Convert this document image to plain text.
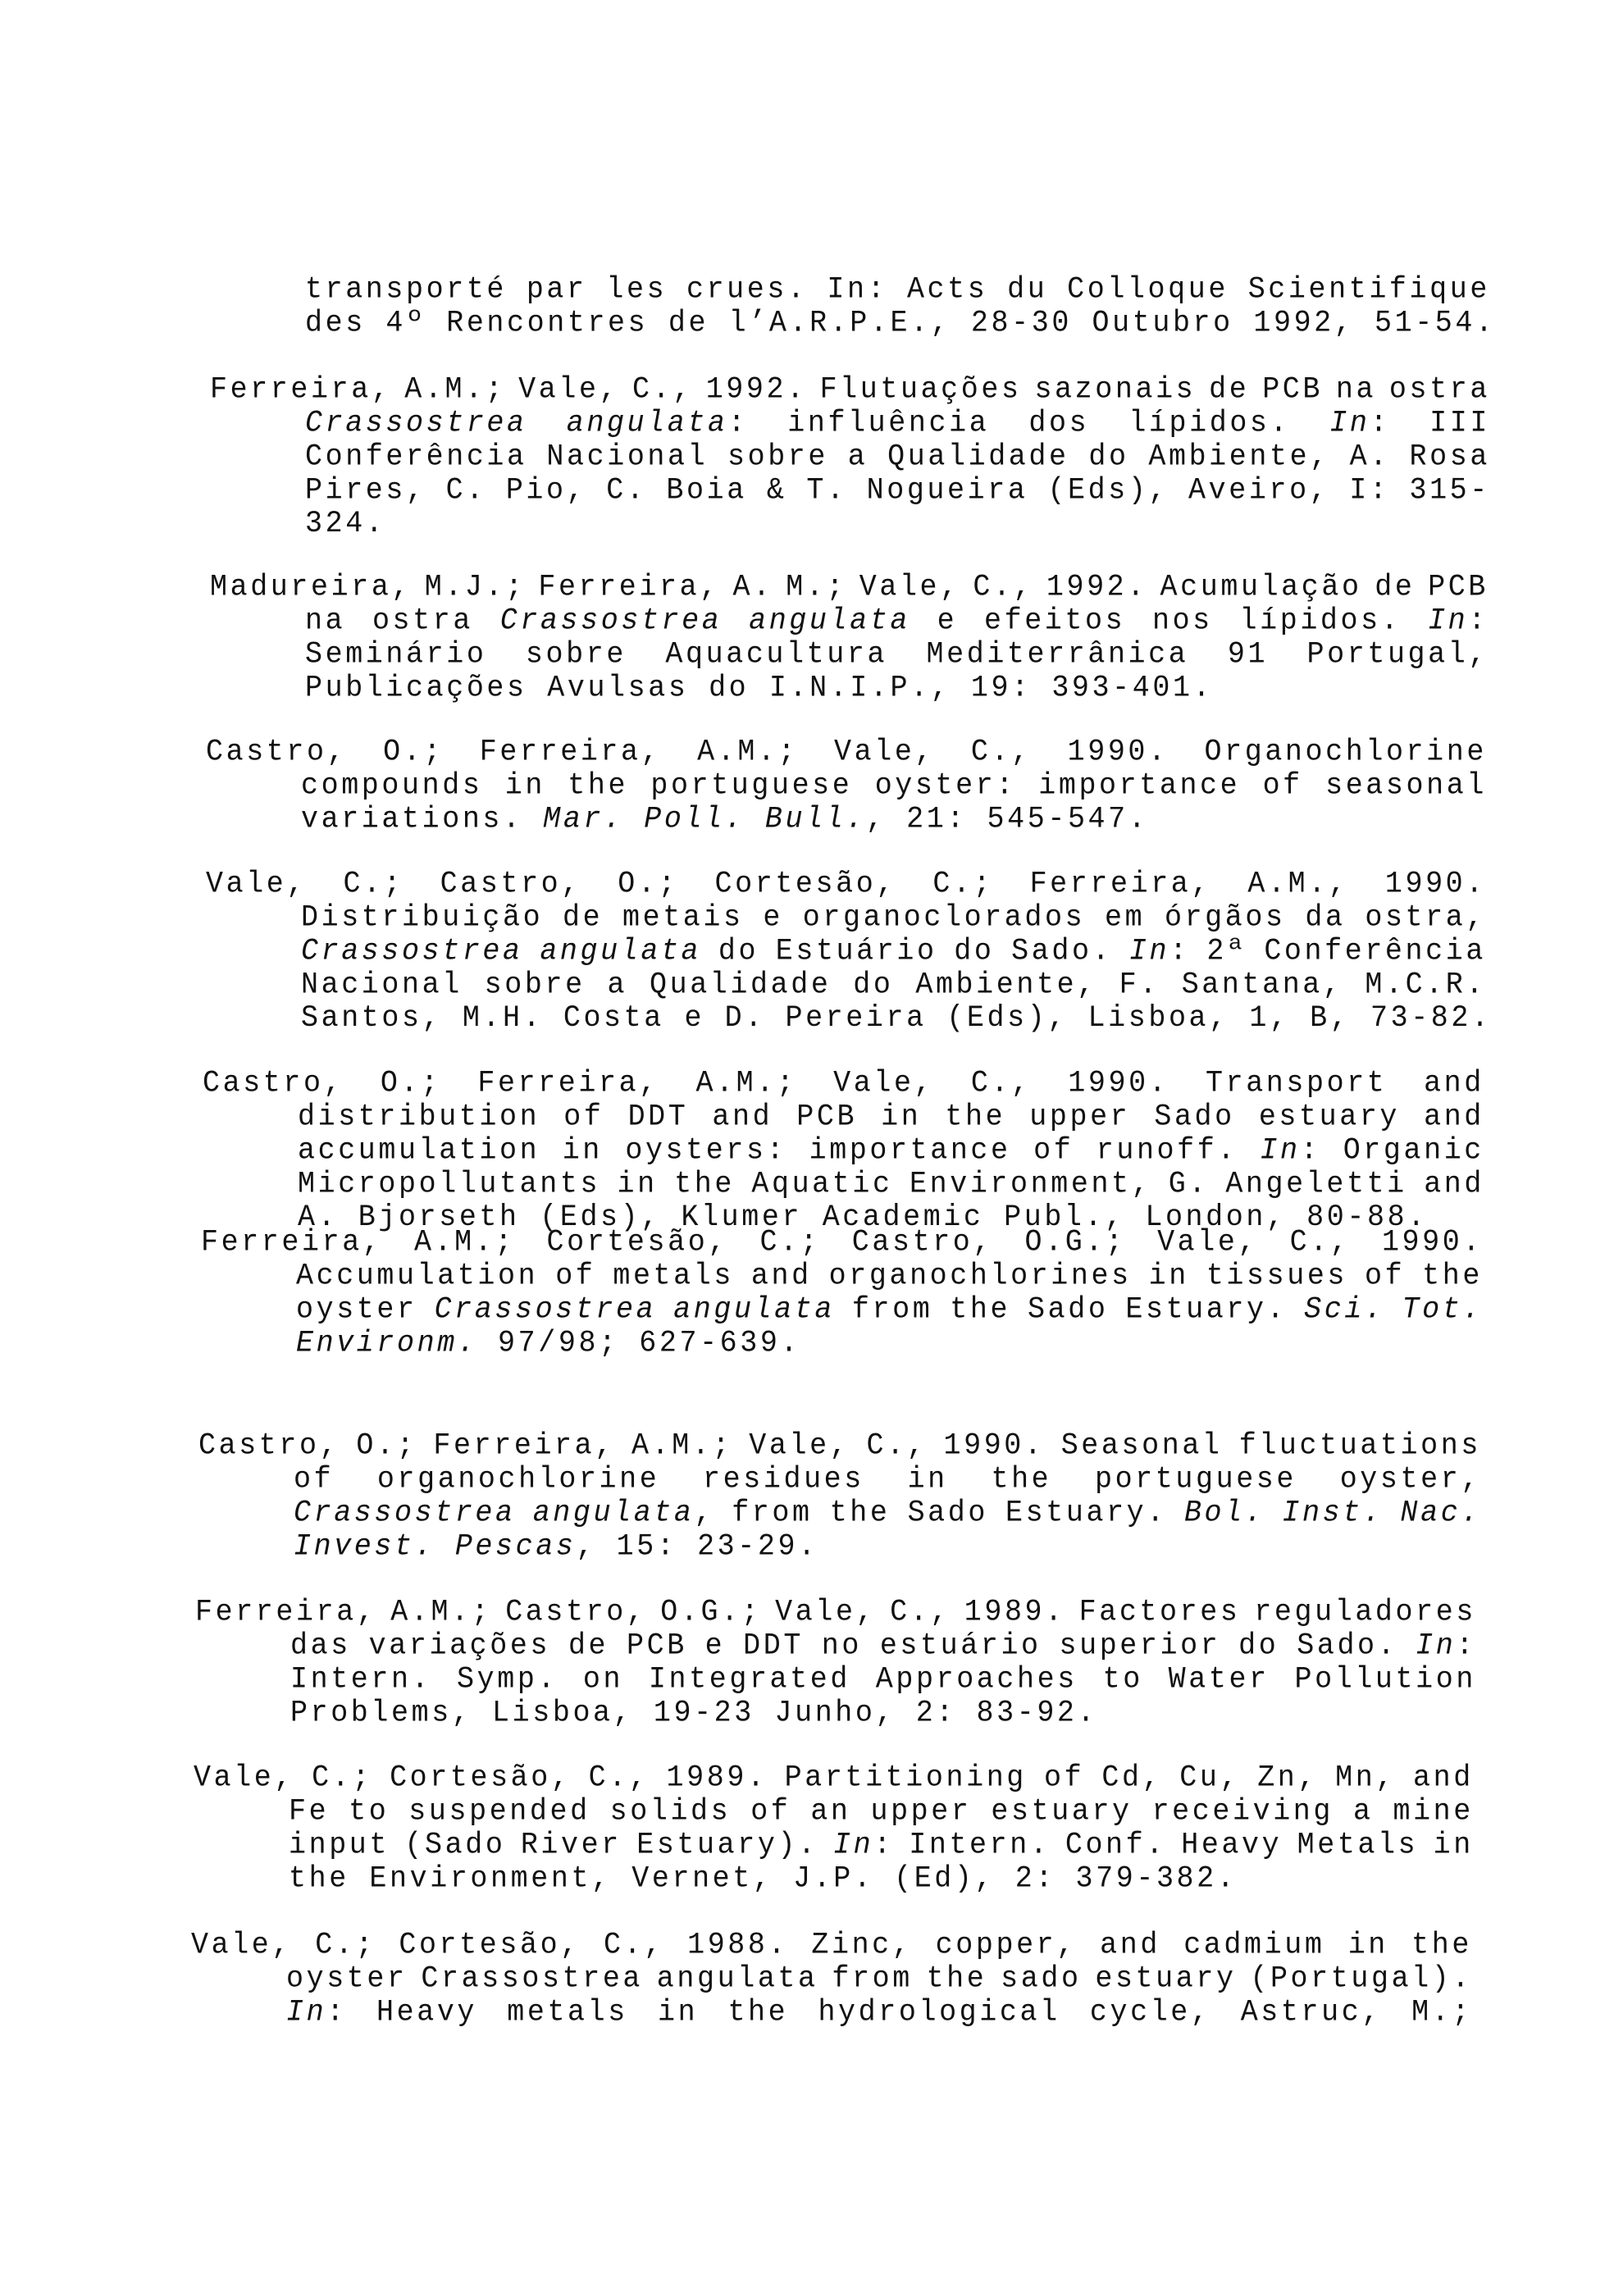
transporté par les crues. In: Acts du Colloque Scientifique
des 4º Rencontres de l’A.R.P.E., 28-30 Outubro 1992, 51-54.
Ferreira, A.M.; Vale, C., 1992. Flutuações sazonais de PCB na ostra
Crassostrea angulata: influência dos lípidos. In: III
Conferência Nacional sobre a Qualidade do Ambiente, A. Rosa
Pires, C. Pio, C. Boia & T. Nogueira (Eds), Aveiro, I: 315-
324.
Madureira, M.J.; Ferreira, A. M.; Vale, C., 1992. Acumulação de PCB
na ostra Crassostrea angulata e efeitos nos lípidos. In:
Seminário sobre Aquacultura Mediterrânica 91 Portugal,
Publicações Avulsas do I.N.I.P., 19: 393-401.
Castro, O.; Ferreira, A.M.; Vale, C., 1990. Organochlorine
compounds in the portuguese oyster: importance of seasonal
variations. Mar. Poll. Bull., 21: 545-547.
Vale, C.; Castro, O.; Cortesão, C.; Ferreira, A.M., 1990.
Distribuição de metais e organoclorados em órgãos da ostra,
Crassostrea angulata do Estuário do Sado. In: 2ª Conferência
Nacional sobre a Qualidade do Ambiente, F. Santana, M.C.R.
Santos, M.H. Costa e D. Pereira (Eds), Lisboa, 1, B, 73-82.
Castro, O.; Ferreira, A.M.; Vale, C., 1990. Transport and
distribution of DDT and PCB in the upper Sado estuary and
accumulation in oysters: importance of runoff. In: Organic
Micropollutants in the Aquatic Environment, G. Angeletti and
A. Bjorseth (Eds), Klumer Academic Publ., London, 80-88.
Ferreira, A.M.; Cortesão, C.; Castro, O.G.; Vale, C., 1990.
Accumulation of metals and organochlorines in tissues of the
oyster Crassostrea angulata from the Sado Estuary. Sci. Tot.
Environm. 97/98; 627-639.
Castro, O.; Ferreira, A.M.; Vale, C., 1990. Seasonal fluctuations
of organochlorine residues in the portuguese oyster,
Crassostrea angulata, from the Sado Estuary. Bol. Inst. Nac.
Invest. Pescas, 15: 23-29.
Ferreira, A.M.; Castro, O.G.; Vale, C., 1989. Factores reguladores
das variações de PCB e DDT no estuário superior do Sado. In:
Intern. Symp. on Integrated Approaches to Water Pollution
Problems, Lisboa, 19-23 Junho, 2: 83-92.
Vale, C.; Cortesão, C., 1989. Partitioning of Cd, Cu, Zn, Mn, and
Fe to suspended solids of an upper estuary receiving a mine
input (Sado River Estuary). In: Intern. Conf. Heavy Metals in
the Environment, Vernet, J.P. (Ed), 2: 379-382.
Vale, C.; Cortesão, C., 1988. Zinc, copper, and cadmium in the
oyster Crassostrea angulata from the sado estuary (Portugal).
In: Heavy metals in the hydrological cycle, Astruc, M.;
